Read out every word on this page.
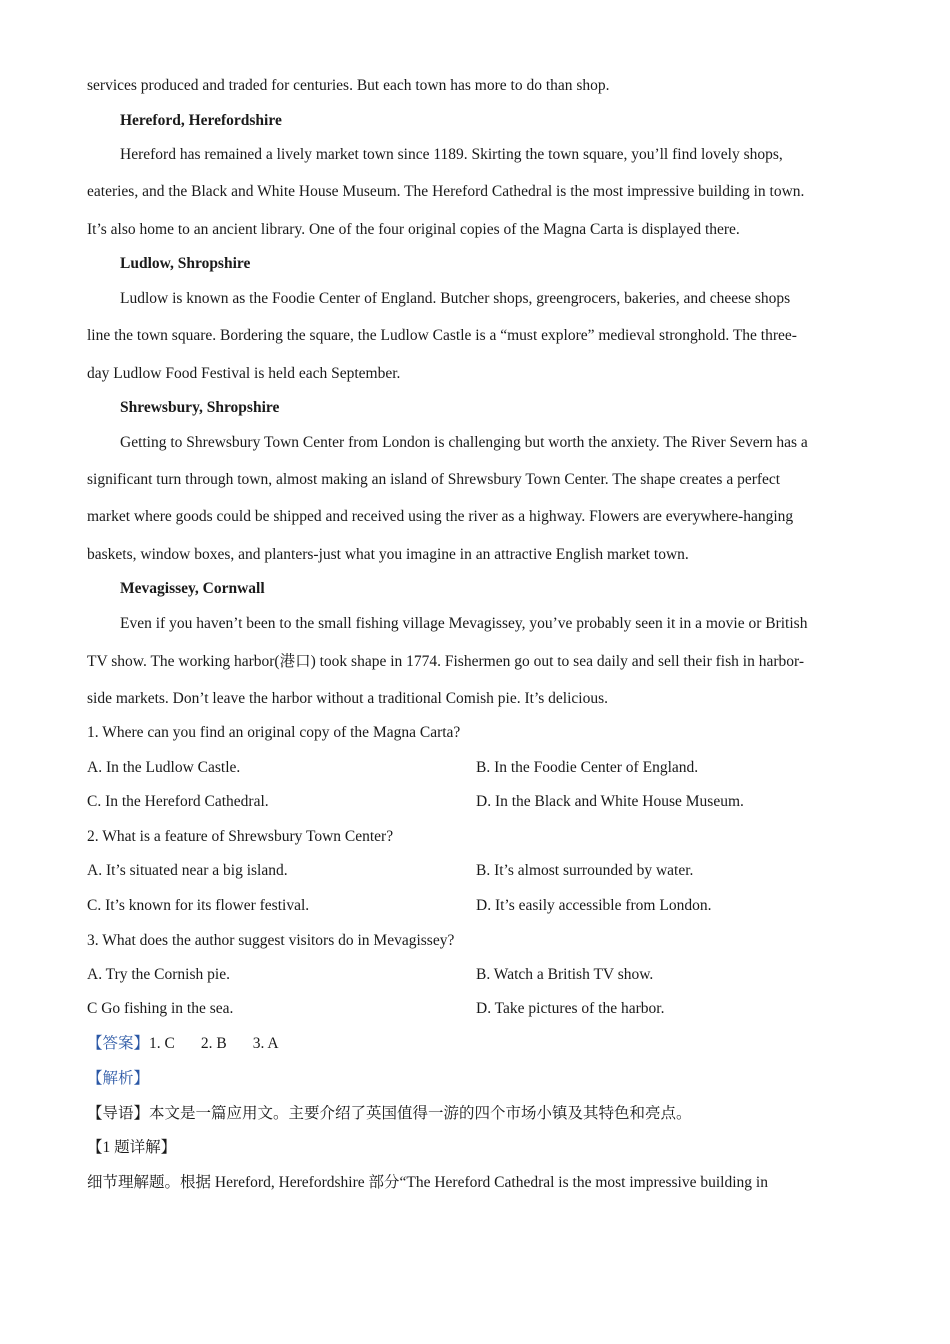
services produced and traded for centuries. But each town has more to do than shop.
Hereford, Herefordshire
Hereford has remained a lively market town since 1189. Skirting the town square, you’ll find lovely shops,
eateries, and the Black and White House Museum. The Hereford Cathedral is the most impressive building in town.
It’s also home to an ancient library. One of the four original copies of the Magna Carta is displayed there.
Ludlow, Shropshire
Ludlow is known as the Foodie Center of England. Butcher shops, greengrocers, bakeries, and cheese shops
line the town square. Bordering the square, the Ludlow Castle is a “must explore” medieval stronghold. The three-
day Ludlow Food Festival is held each September.
Shrewsbury, Shropshire
Getting to Shrewsbury Town Center from London is challenging but worth the anxiety. The River Severn has a
significant turn through town, almost making an island of Shrewsbury Town Center. The shape creates a perfect
market where goods could be shipped and received using the river as a highway. Flowers are everywhere-hanging
baskets, window boxes, and planters-just what you imagine in an attractive English market town.
Mevagissey, Cornwall
Even if you haven’t been to the small fishing village Mevagissey, you’ve probably seen it in a movie or British
TV show. The working harbor(港口) took shape in 1774. Fishermen go out to sea daily and sell their fish in harbor-
side markets. Don’t leave the harbor without a traditional Comish pie. It’s delicious.
1. Where can you find an original copy of the Magna Carta?
A. In the Ludlow Castle.	B. In the Foodie Center of England.
C. In the Hereford Cathedral.	D. In the Black and White House Museum.
2. What is a feature of Shrewsbury Town Center?
A. It’s situated near a big island.	B. It’s almost surrounded by water.
C. It’s known for its flower festival.	D. It’s easily accessible from London.
3. What does the author suggest visitors do in Mevagissey?
A. Try the Cornish pie.	B. Watch a British TV show.
C Go fishing in the sea.	D. Take pictures of the harbor.
【答案】1. C 2. B 3. A
【解析】
【导语】本文是一篇应用文。主要介绍了英国值得一游的四个市场小镇及其特色和亮点。
【1 题详解】
细节理解题。根据 Hereford, Herefordshire 部分“The Hereford Cathedral is the most impressive building in
